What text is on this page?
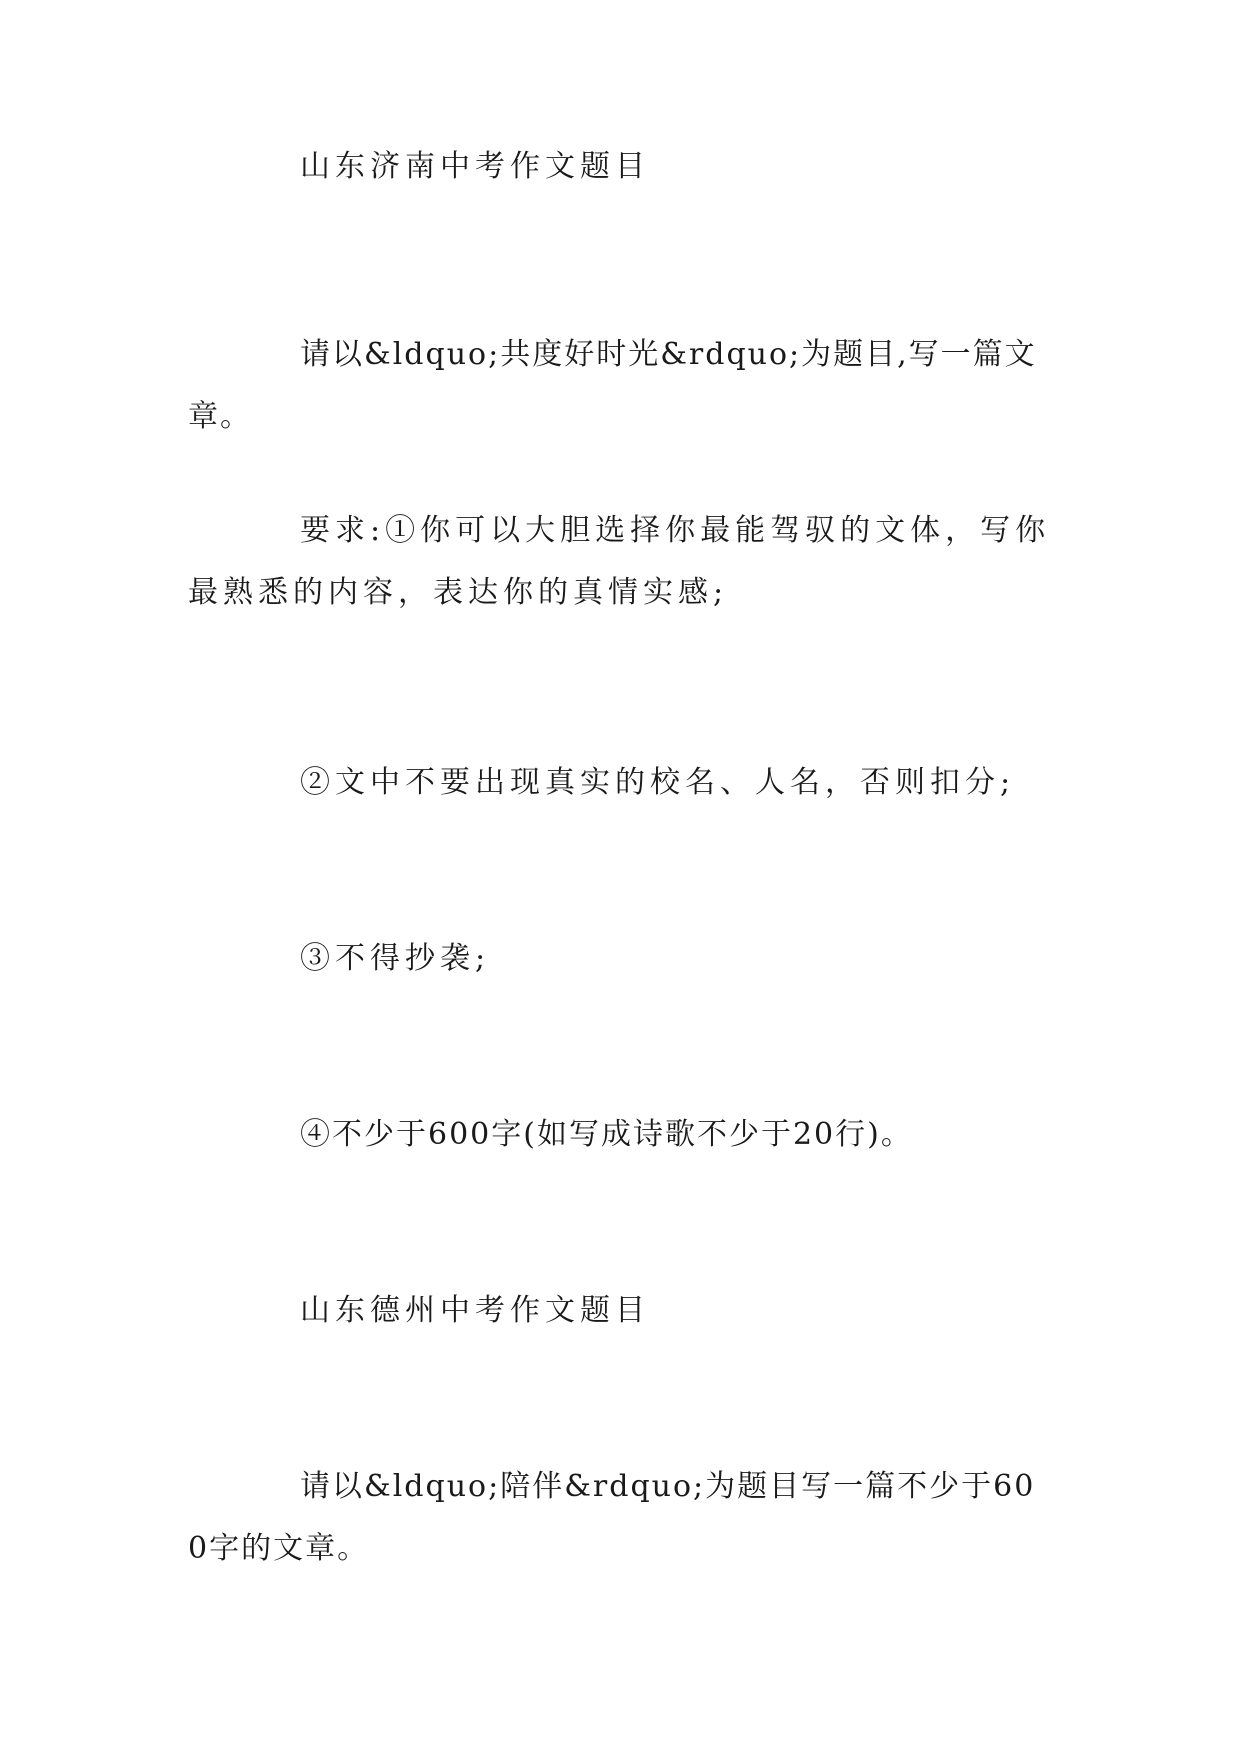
山东济南中考作文题目

请以&ldquo;共度好时光&rdquo;为题目,写一篇文章。

要求:①你可以大胆选择你最能驾驭的文体，写你最熟悉的内容，表达你的真情实感;

②文中不要出现真实的校名、人名，否则扣分;

③不得抄袭;

④不少于600字(如写成诗歌不少于20行)。

山东德州中考作文题目

请以&ldquo;陪伴&rdquo;为题目写一篇不少于600字的文章。
